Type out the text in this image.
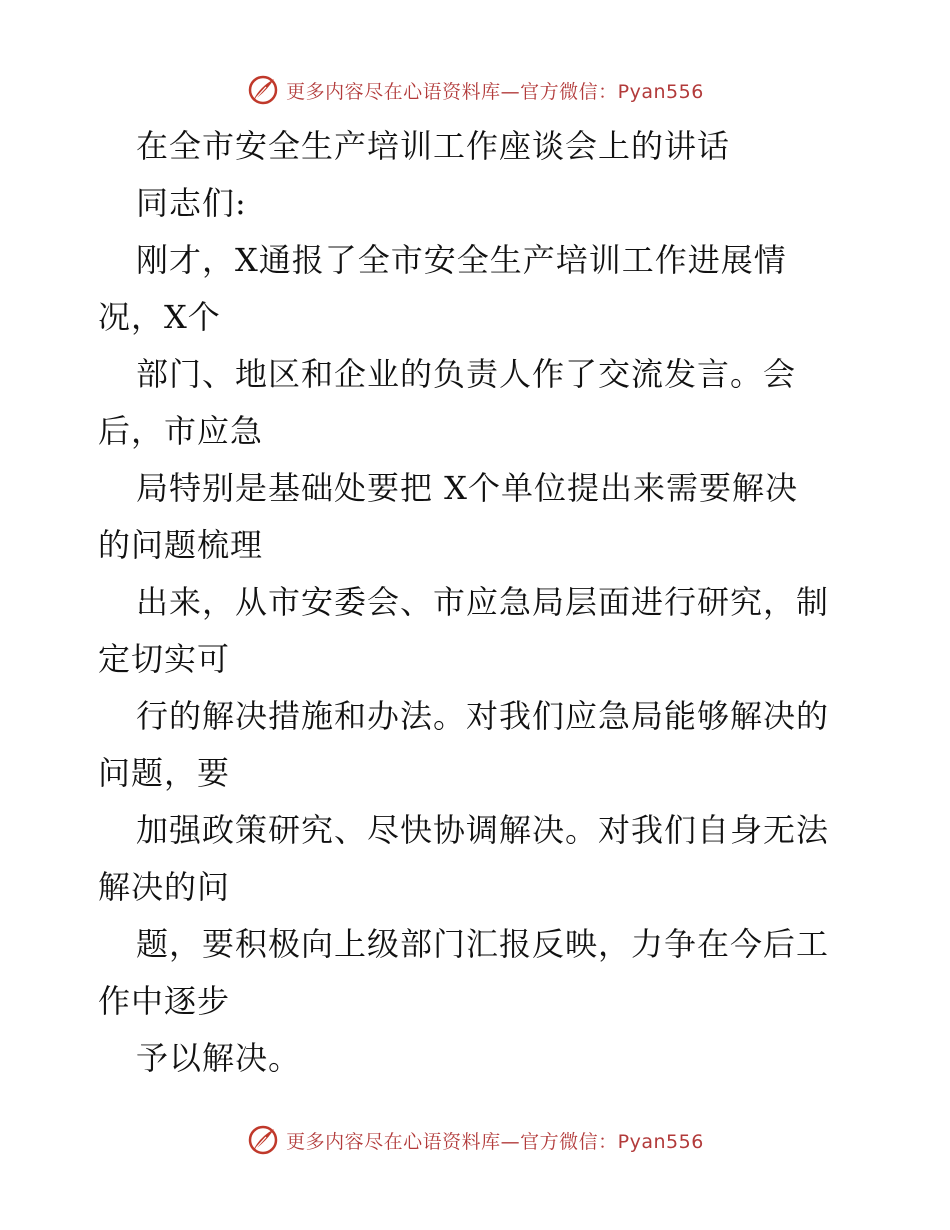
更多内容尽在心语资料库—官方微信：Pyan556
在全市安全生产培训工作座谈会上的讲话
同志们:
刚才，X通报了全市安全生产培训工作进展情
况，X个
部门、地区和企业的负责人作了交流发言。会
后，市应急
局特别是基础处要把 X个单位提出来需要解决
的问题梳理
出来，从市安委会、市应急局层面进行研究，制
定切实可
行的解决措施和办法。对我们应急局能够解决的
问题，要
加强政策研究、尽快协调解决。对我们自身无法
解决的问
题，要积极向上级部门汇报反映，力争在今后工
作中逐步
予以解决。
更多内容尽在心语资料库—官方微信：Pyan556
